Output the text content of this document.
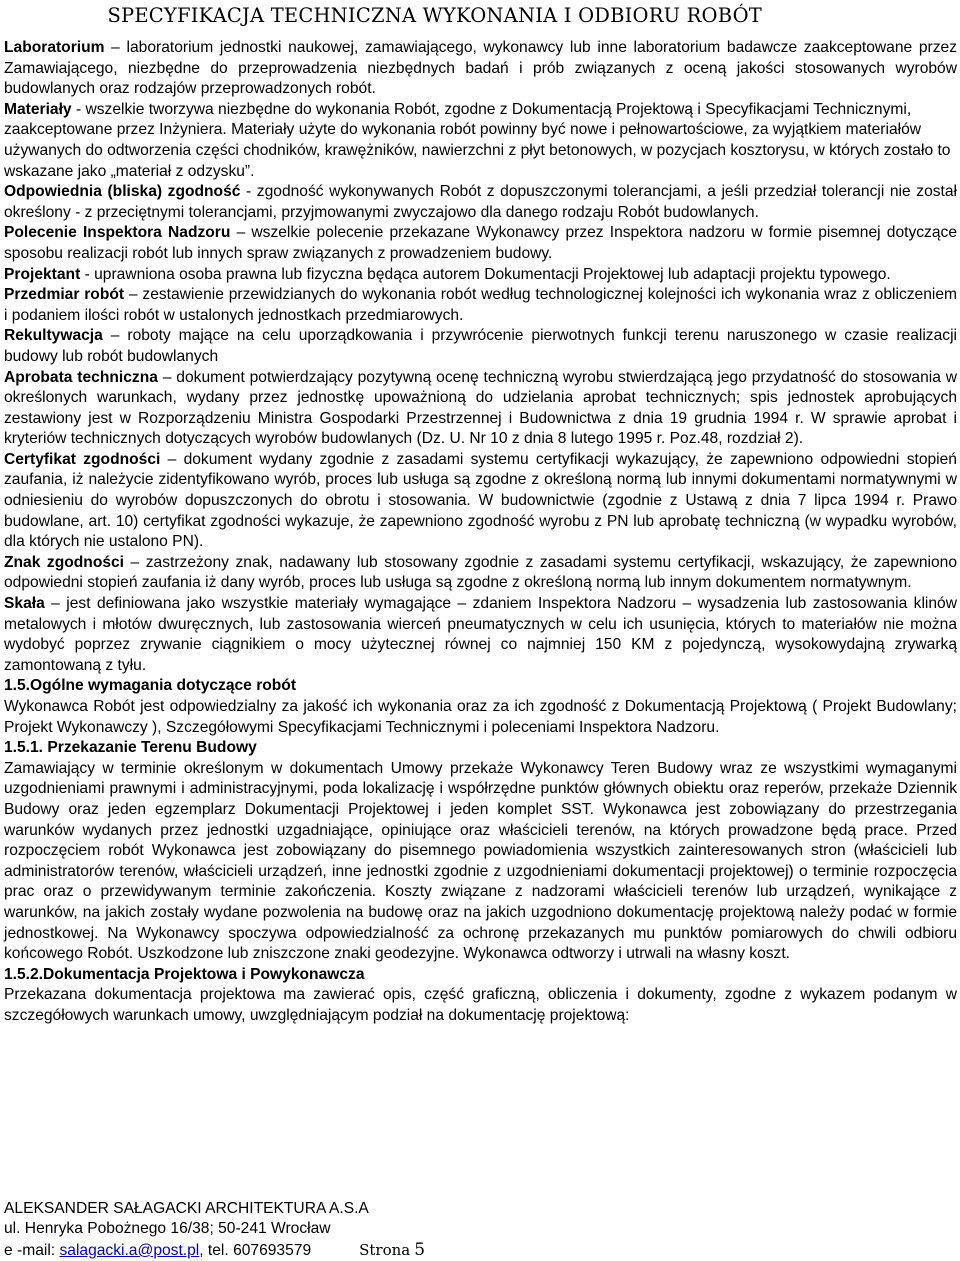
SPECYFIKACJA TECHNICZNA WYKONANIA I ODBIORU ROBÓT

Laboratorium – laboratorium jednostki naukowej, zamawiającego, wykonawcy lub inne laboratorium badawcze zaakceptowane przez Zamawiającego, niezbędne do przeprowadzenia niezbędnych badań i prób związanych z oceną jakości stosowanych wyrobów budowlanych oraz rodzajów przeprowadzonych robót.

Materiały - wszelkie tworzywa niezbędne do wykonania Robót, zgodne z Dokumentacją Projektową i Specyfikacjami Technicznymi, zaakceptowane przez Inżyniera. Materiały użyte do wykonania robót powinny być nowe i pełnowartościowe, za wyjątkiem materiałów używanych do odtworzenia części chodników, krawężników, nawierzchni z płyt betonowych, w pozycjach kosztorysu, w których zostało to wskazane jako „materiał z odzysku”.

Odpowiednia (bliska) zgodność - zgodność wykonywanych Robót z dopuszczonymi tolerancjami, a jeśli przedział tolerancji nie został określony - z przeciętnymi tolerancjami, przyjmowanymi zwyczajowo dla danego rodzaju Robót budowlanych.

Polecenie Inspektora Nadzoru – wszelkie polecenie przekazane Wykonawcy przez Inspektora nadzoru w formie pisemnej dotyczące sposobu realizacji robót lub innych spraw związanych z prowadzeniem budowy.

Projektant - uprawniona osoba prawna lub fizyczna będąca autorem Dokumentacji Projektowej lub adaptacji projektu typowego.

Przedmiar robót – zestawienie przewidzianych do wykonania robót według technologicznej kolejności ich wykonania wraz z obliczeniem i podaniem ilości robót w ustalonych jednostkach przedmiarowych.

Rekultywacja – roboty mające na celu uporządkowania i przywrócenie pierwotnych funkcji terenu naruszonego w czasie realizacji budowy lub robót budowlanych

Aprobata techniczna – dokument potwierdzający pozytywną ocenę techniczną wyrobu stwierdzającą jego przydatność do stosowania w określonych warunkach, wydany przez jednostkę upoważnioną do udzielania aprobat technicznych; spis jednostek aprobujących zestawiony jest w Rozporządzeniu Ministra Gospodarki Przestrzennej i Budownictwa z dnia 19 grudnia 1994 r. W sprawie aprobat i kryteriów technicznych dotyczących wyrobów budowlanych (Dz. U. Nr 10 z dnia 8 lutego 1995 r. Poz.48, rozdział 2).

Certyfikat zgodności – dokument wydany zgodnie z zasadami systemu certyfikacji wykazujący, że zapewniono odpowiedni stopień zaufania, iż należycie zidentyfikowano wyrób, proces lub usługa są zgodne z określoną normą lub innymi dokumentami normatywnymi w odniesieniu do wyrobów dopuszczonych do obrotu i stosowania. W budownictwie (zgodnie z Ustawą z dnia 7 lipca 1994 r. Prawo budowlane, art. 10) certyfikat zgodności wykazuje, że zapewniono zgodność wyrobu z PN lub aprobatę techniczną (w wypadku wyrobów, dla których nie ustalono PN).

Znak zgodności – zastrzeżony znak, nadawany lub stosowany zgodnie z zasadami systemu certyfikacji, wskazujący, że zapewniono odpowiedni stopień zaufania iż dany wyrób, proces lub usługa są zgodne z określoną normą lub innym dokumentem normatywnym.

Skała – jest definiowana jako wszystkie materiały wymagające – zdaniem Inspektora Nadzoru – wysadzenia lub zastosowania klinów metalowych i młotów dwuręcznych, lub zastosowania wierceń pneumatycznych w celu ich usunięcia, których to materiałów nie można wydobyć poprzez zrywanie ciągnikiem o mocy użytecznej równej co najmniej 150 KM z pojedynczą, wysokowydajną zrywarką zamontowaną z tyłu.

1.5.Ogólne wymagania dotyczące robót

Wykonawca Robót jest odpowiedzialny za jakość ich wykonania oraz za ich zgodność z Dokumentacją Projektową ( Projekt Budowlany; Projekt Wykonawczy ), Szczegółowymi Specyfikacjami Technicznymi i poleceniami Inspektora Nadzoru.

1.5.1. Przekazanie Terenu Budowy

Zamawiający w terminie określonym w dokumentach Umowy przekaże Wykonawcy Teren Budowy wraz ze wszystkimi wymaganymi uzgodnieniami prawnymi i administracyjnymi, poda lokalizację i współrzędne punktów głównych obiektu oraz reperów, przekaże Dziennik Budowy oraz jeden egzemplarz Dokumentacji Projektowej i jeden komplet SST. Wykonawca jest zobowiązany do przestrzegania warunków wydanych przez jednostki uzgadniające, opiniujące oraz właścicieli terenów, na których prowadzone będą prace. Przed rozpoczęciem robót Wykonawca jest zobowiązany do pisemnego powiadomienia wszystkich zainteresowanych stron (właścicieli lub administratorów terenów, właścicieli urządzeń, inne jednostki zgodnie z uzgodnieniami dokumentacji projektowej) o terminie rozpoczęcia prac oraz o przewidywanym terminie zakończenia. Koszty związane z nadzorami właścicieli terenów lub urządzeń, wynikające z warunków, na jakich zostały wydane pozwolenia na budowę oraz na jakich uzgodniono dokumentację projektową należy podać w formie jednostkowej. Na Wykonawcy spoczywa odpowiedzialność za ochronę przekazanych mu punktów pomiarowych do chwili odbioru końcowego Robót. Uszkodzone lub zniszczone znaki geodezyjne. Wykonawca odtworzy i utrwali na własny koszt.

1.5.2.Dokumentacja Projektowa i Powykonawcza

Przekazana dokumentacja projektowa ma zawierać opis, część graficzną, obliczenia i dokumenty, zgodne z wykazem podanym w szczegółowych warunkach umowy, uwzględniającym podział na dokumentację projektową:

ALEKSANDER SAŁAGACKI ARCHITEKTURA A.S.A
ul. Henryka Pobożnego 16/38; 50-241 Wrocław
e -mail: salagacki.a@post.pl, tel. 607693579	Strona 5
